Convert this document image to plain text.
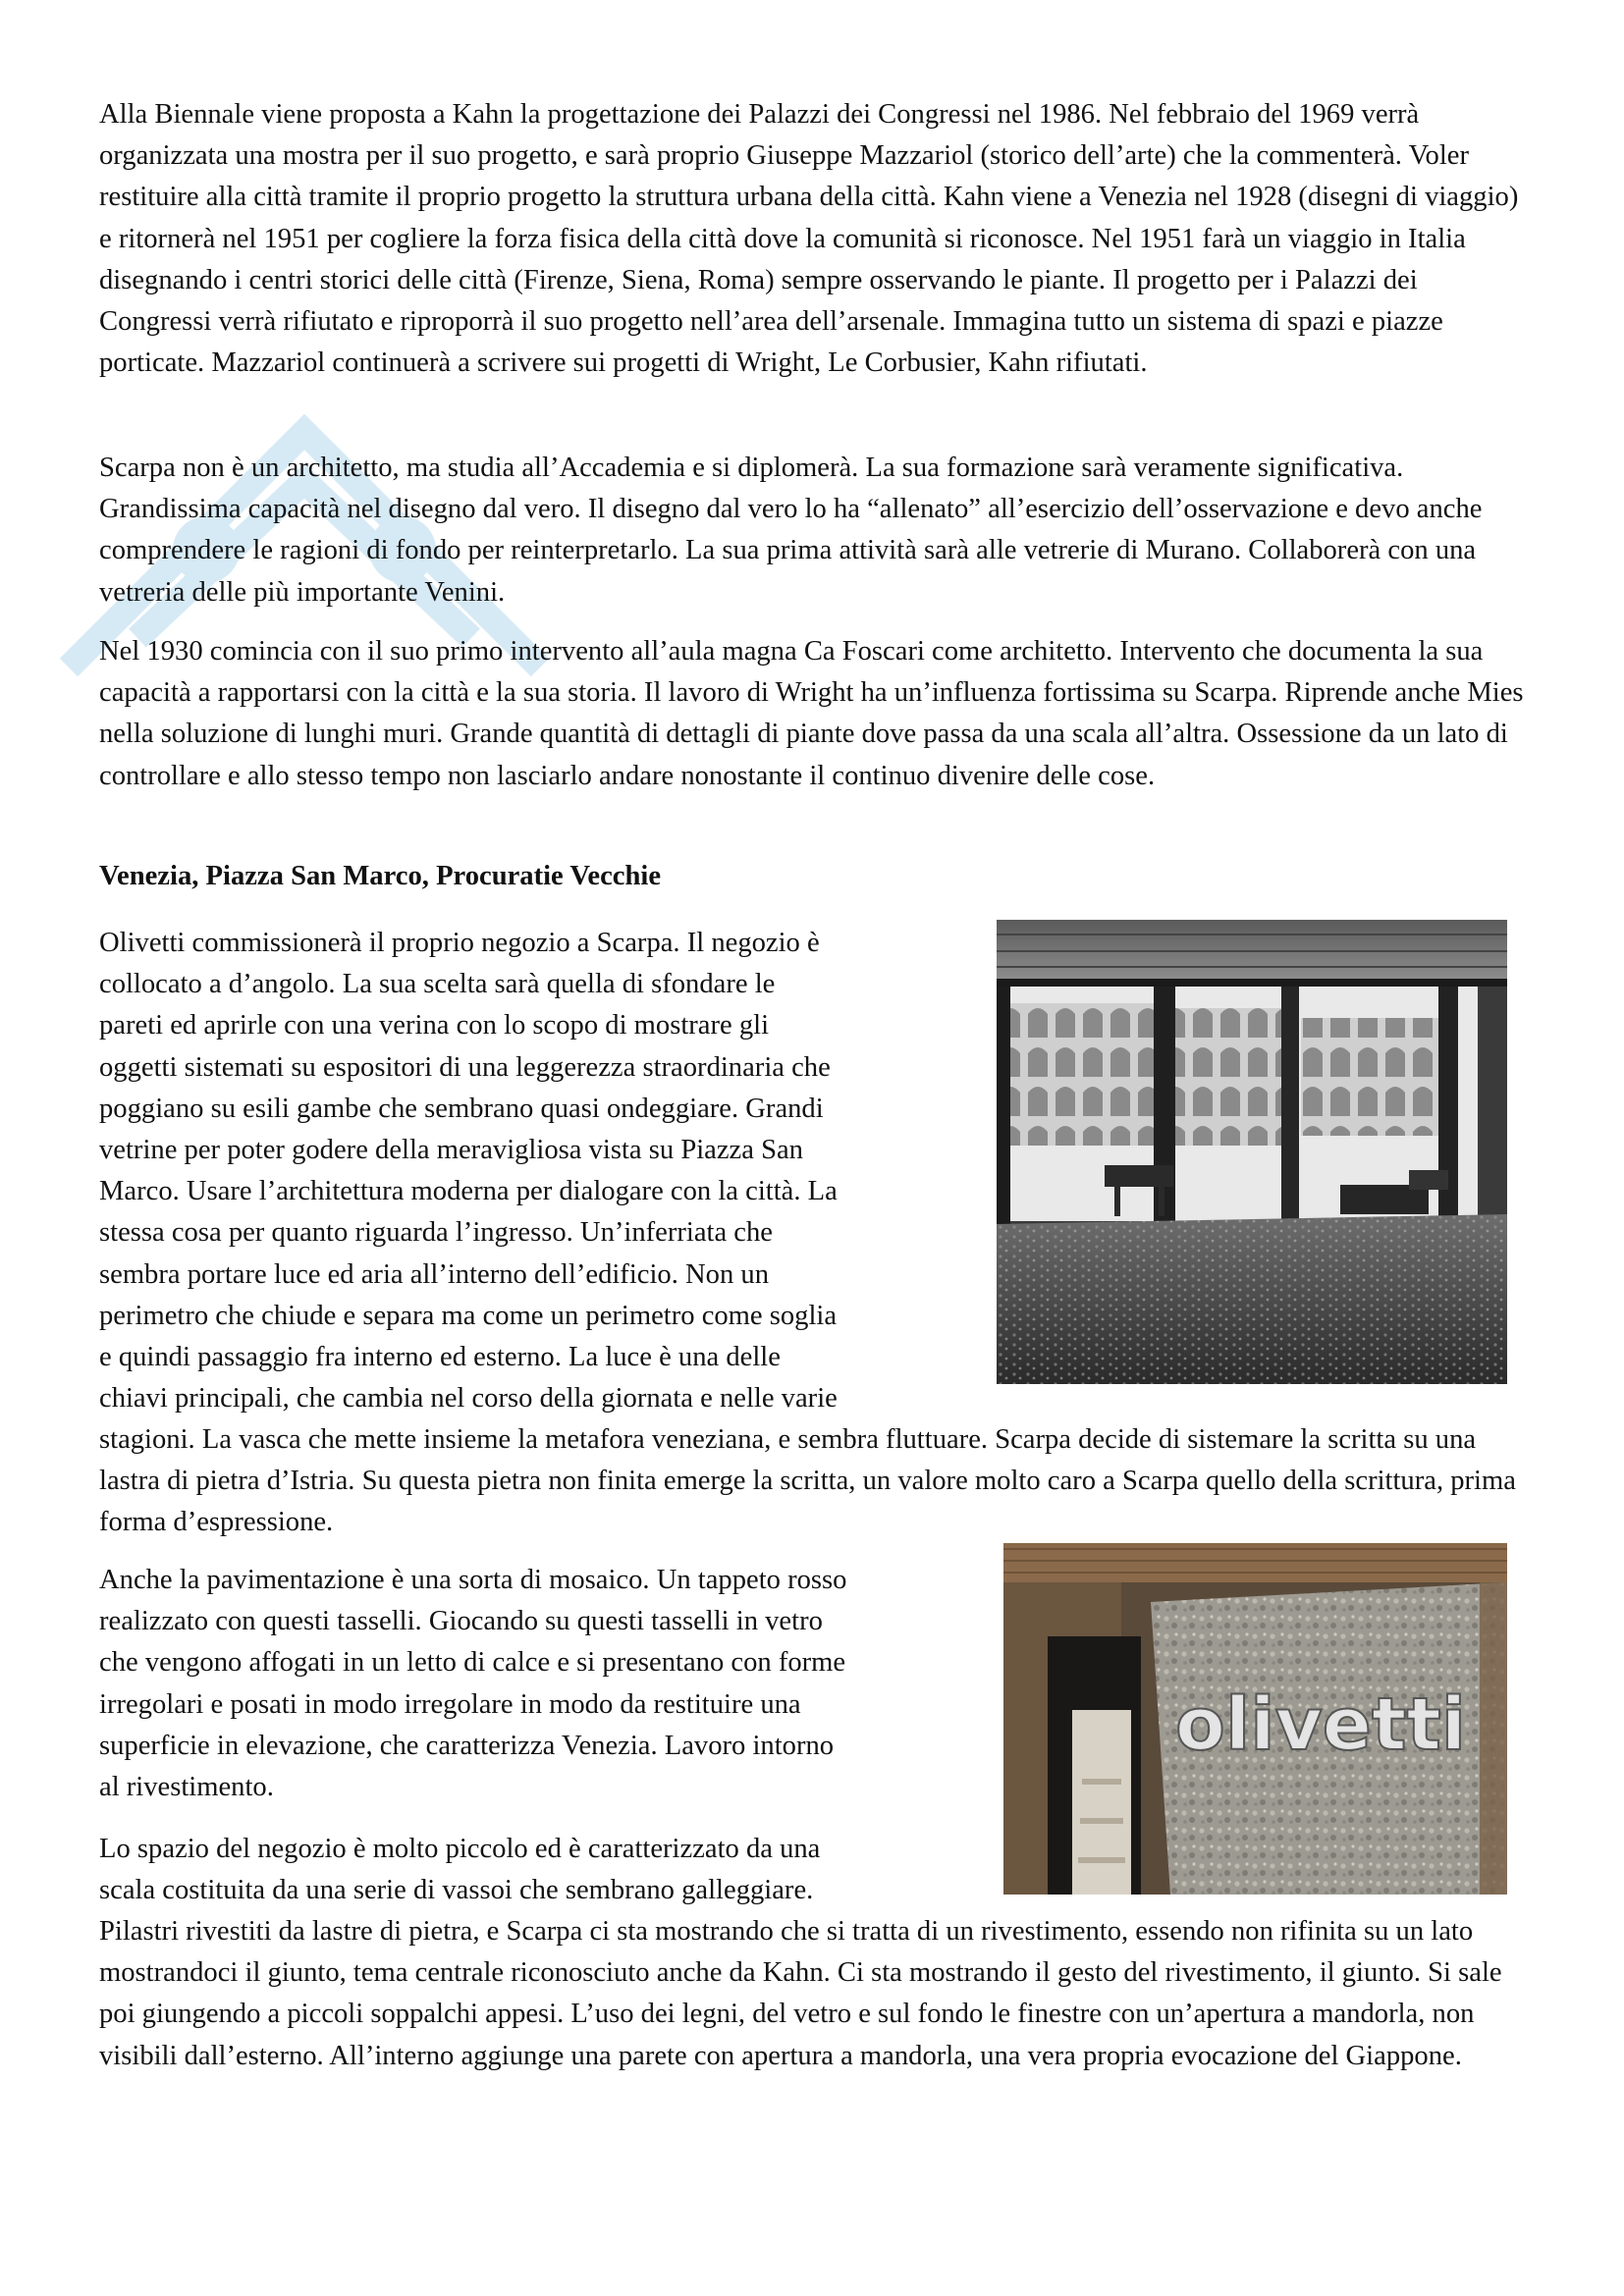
Alla Biennale viene proposta a Kahn la progettazione dei Palazzi dei Congressi nel 1986. Nel febbraio del 1969 verrà organizzata una mostra per il suo progetto, e sarà proprio Giuseppe Mazzariol (storico dell’arte) che la commenterà. Voler restituire alla città tramite il proprio progetto la struttura urbana della città. Kahn viene a Venezia nel 1928 (disegni di viaggio) e ritornerà nel 1951 per cogliere la forza fisica della città dove la comunità si riconosce. Nel 1951 farà un viaggio in Italia disegnando i centri storici delle città (Firenze, Siena, Roma) sempre osservando le piante. Il progetto per i Palazzi dei Congressi verrà rifiutato e riproporrà il suo progetto nell’area dell’arsenale. Immagina tutto un sistema di spazi e piazze porticate. Mazzariol continuerà a scrivere sui progetti di Wright, Le Corbusier, Kahn rifiutati.

Scarpa non è un architetto, ma studia all’Accademia e si diplomerà. La sua formazione sarà veramente significativa. Grandissima capacità nel disegno dal vero. Il disegno dal vero lo ha “allenato” all’esercizio dell’osservazione e devo anche comprendere le ragioni di fondo per reinterpretarlo. La sua prima attività sarà alle vetrerie di Murano. Collaborerà con una vetreria delle più importante Venini.

Nel 1930 comincia con il suo primo intervento all’aula magna Ca Foscari come architetto. Intervento che documenta la sua capacità a rapportarsi con la città e la sua storia. Il lavoro di Wright ha un’influenza fortissima su Scarpa. Riprende anche Mies nella soluzione di lunghi muri. Grande quantità di dettagli di piante dove passa da una scala all’altra. Ossessione da un lato di controllare e allo stesso tempo non lasciarlo andare nonostante il continuo divenire delle cose.

Venezia, Piazza San Marco, Procuratie Vecchie
Olivetti commissionerà il proprio negozio a Scarpa. Il negozio è
collocato a d’angolo. La sua scelta sarà quella di sfondare le
pareti ed aprirle con una verina con lo scopo di mostrare gli
oggetti sistemati su espositori di una leggerezza straordinaria che
poggiano su esili gambe che sembrano quasi ondeggiare. Grandi
vetrine per poter godere della meravigliosa vista su Piazza San
Marco. Usare l’architettura moderna per dialogare con la città. La
stessa cosa per quanto riguarda l’ingresso. Un’inferriata che
sembra portare luce ed aria all’interno dell’edificio. Non un
perimetro che chiude e separa ma come un perimetro come soglia
e quindi passaggio fra interno ed esterno. La luce è una delle
chiavi principali, che cambia nel corso della giornata e nelle varie

stagioni. La vasca che mette insieme la metafora veneziana, e sembra fluttuare. Scarpa decide di sistemare la scritta su una lastra di pietra d’Istria. Su questa pietra non finita emerge la scritta, un valore molto caro a Scarpa quello della scrittura, prima forma d’espressione.

Anche la pavimentazione è una sorta di mosaico. Un tappeto rosso
realizzato con questi tasselli. Giocando su questi tasselli in vetro
che vengono affogati in un letto di calce e si presentano con forme
irregolari e posati in modo irregolare in modo da restituire una
superficie in elevazione, che caratterizza Venezia. Lavoro intorno
al rivestimento.
Lo spazio del negozio è molto piccolo ed è caratterizzato da una
scala costituita da una serie di vassoi che sembrano galleggiare.

Pilastri rivestiti da lastre di pietra, e Scarpa ci sta mostrando che si tratta di un rivestimento, essendo non rifinita su un lato mostrandoci il giunto, tema centrale riconosciuto anche da Kahn. Ci sta mostrando il gesto del rivestimento, il giunto. Si sale poi giungendo a piccoli soppalchi appesi. L’uso dei legni, del vetro e sul fondo le finestre con un’apertura a mandorla, non visibili dall’esterno. All’interno aggiunge una parete con apertura a mandorla, una vera propria evocazione del Giappone.

olivetti
